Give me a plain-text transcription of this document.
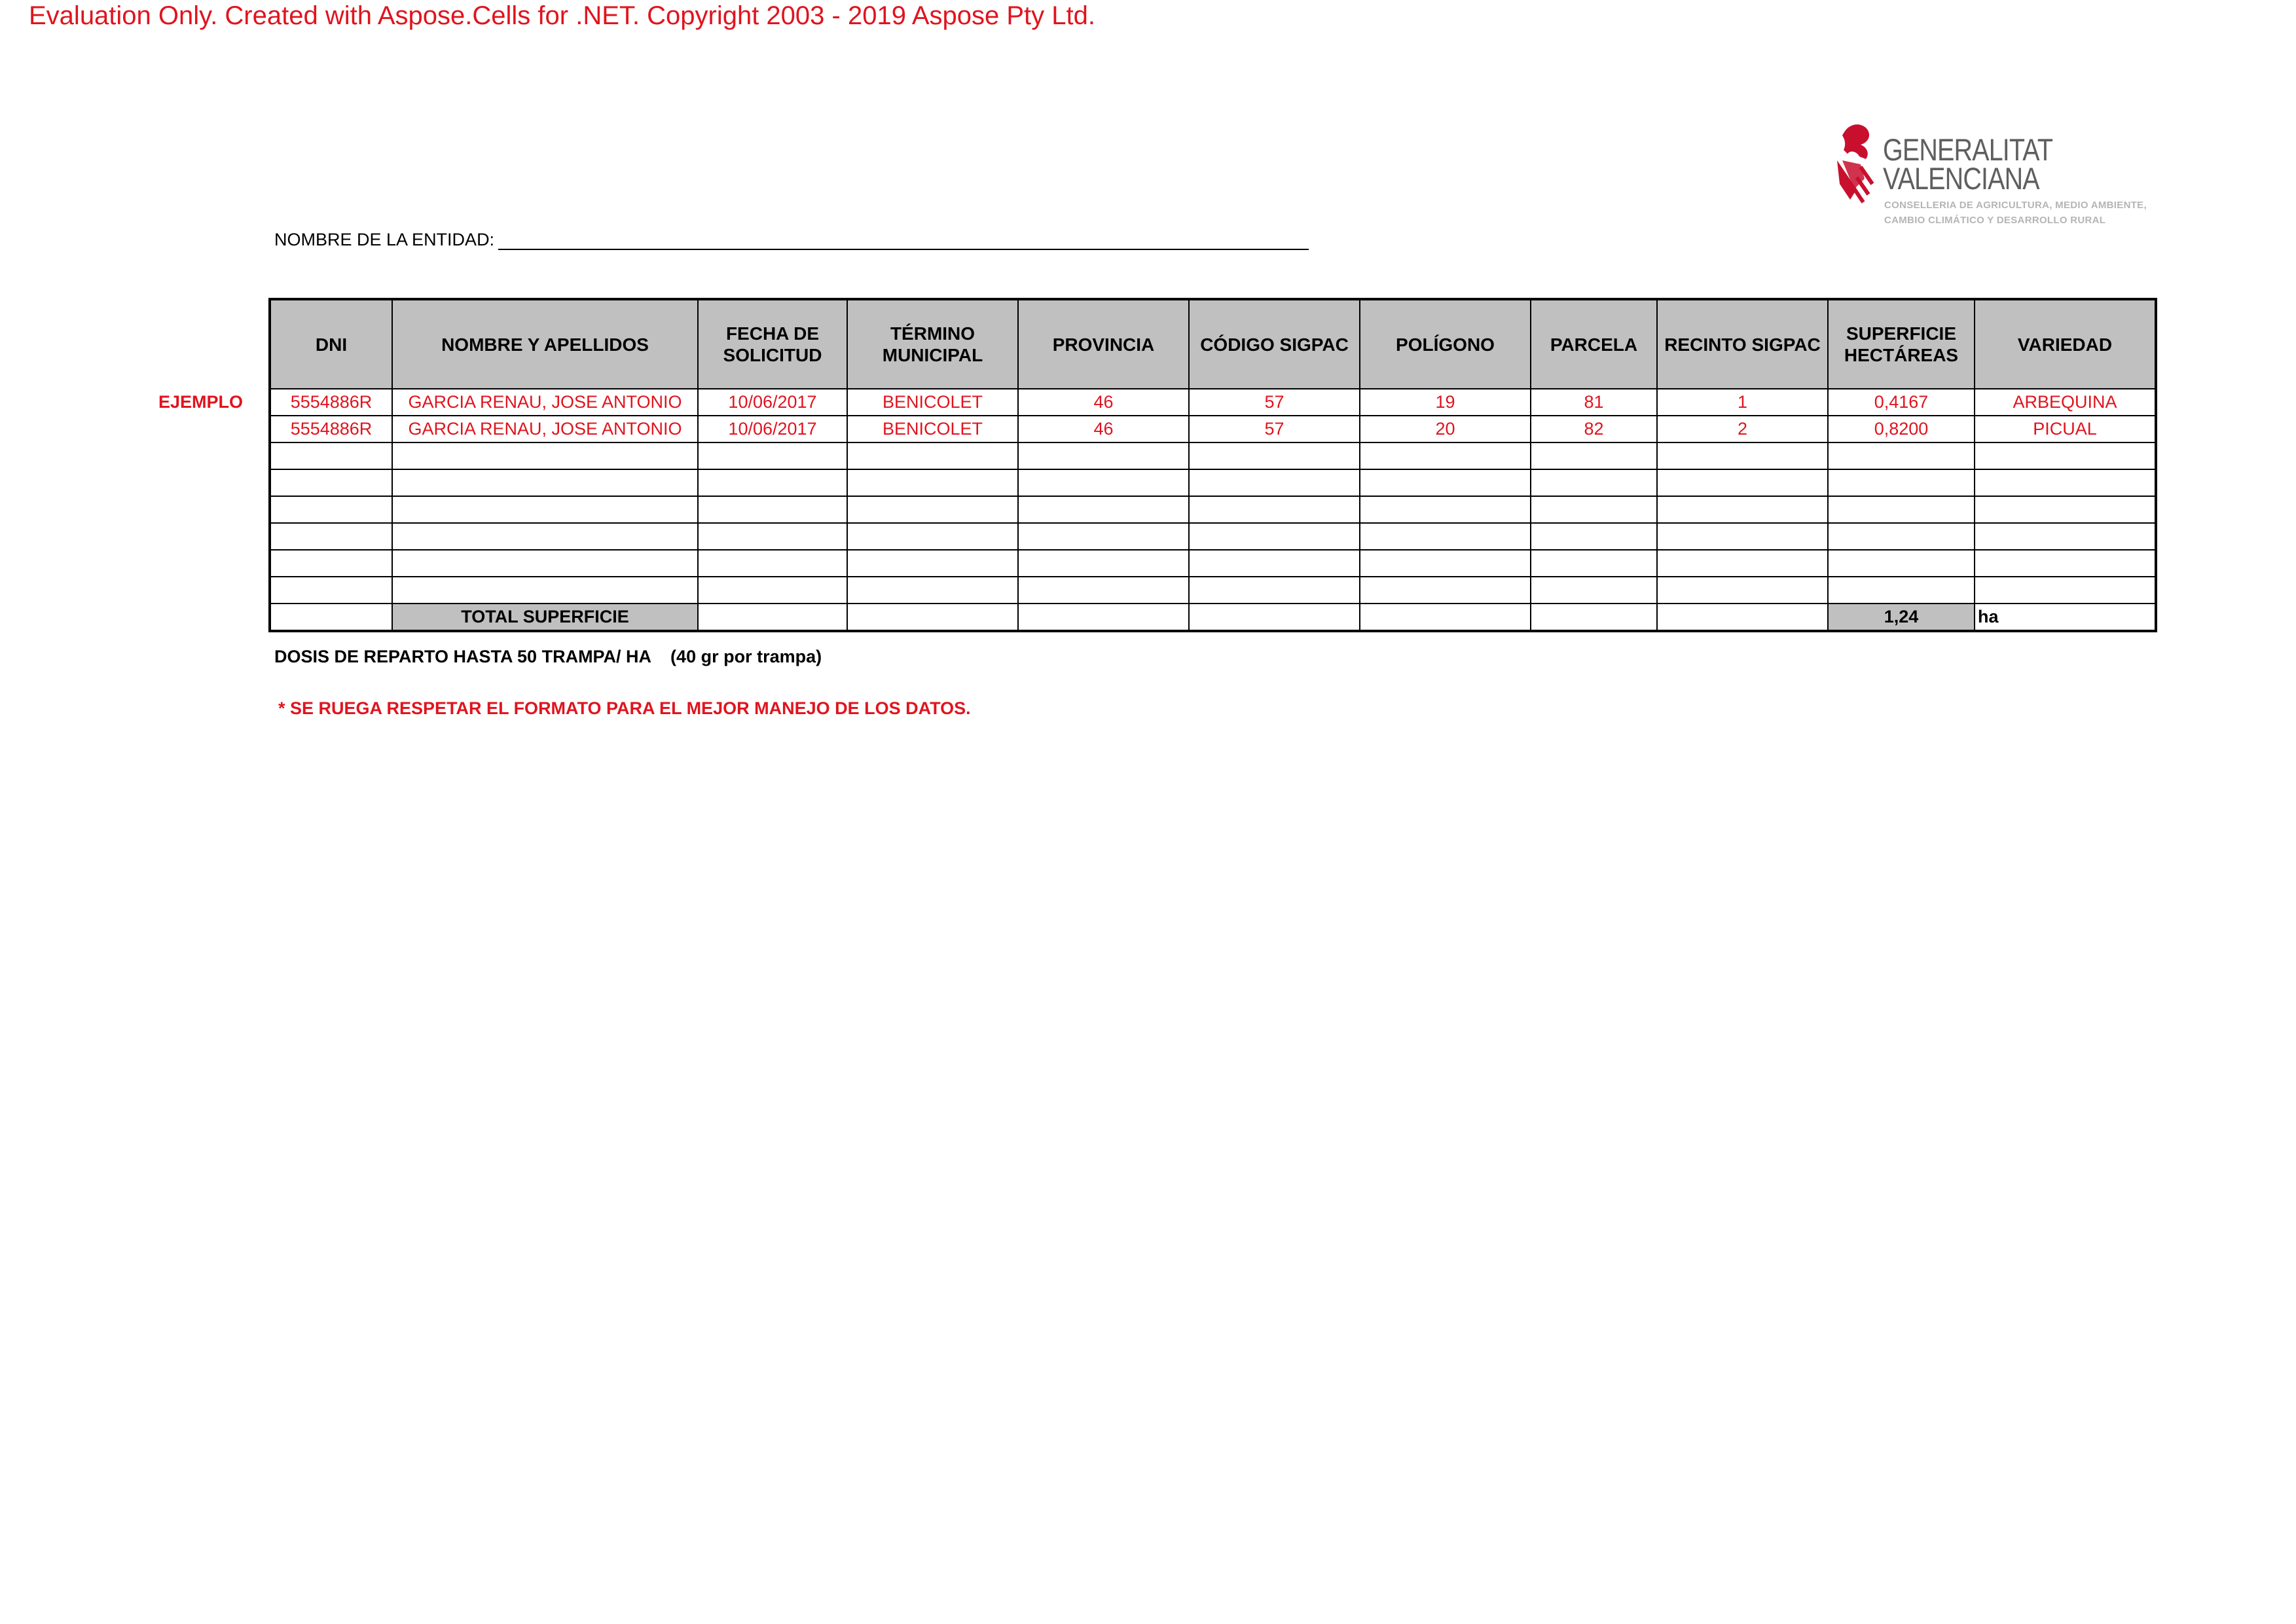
Evaluation Only. Created with Aspose.Cells for .NET. Copyright 2003 - 2019 Aspose Pty Ltd.
GENERALITAT
VALENCIANA
CONSELLERIA DE AGRICULTURA, MEDIO AMBIENTE,
CAMBIO CLIMÁTICO Y DESARROLLO RURAL
NOMBRE DE LA ENTIDAD:
EJEMPLO
DNI	NOMBRE Y APELLIDOS	FECHA DE SOLICITUD	TÉRMINO MUNICIPAL	PROVINCIA	CÓDIGO SIGPAC	POLÍGONO	PARCELA	RECINTO SIGPAC	SUPERFICIE HECTÁREAS	VARIEDAD
5554886R	GARCIA RENAU, JOSE ANTONIO	10/06/2017	BENICOLET	46	57	19	81	1	0,4167	ARBEQUINA
5554886R	GARCIA RENAU, JOSE ANTONIO	10/06/2017	BENICOLET	46	57	20	82	2	0,8200	PICUAL

	TOTAL SUPERFICIE								1,24	ha
DOSIS DE REPARTO HASTA 50 TRAMPA/ HA    (40 gr por trampa)
* SE RUEGA RESPETAR EL FORMATO PARA EL MEJOR MANEJO DE LOS DATOS.
